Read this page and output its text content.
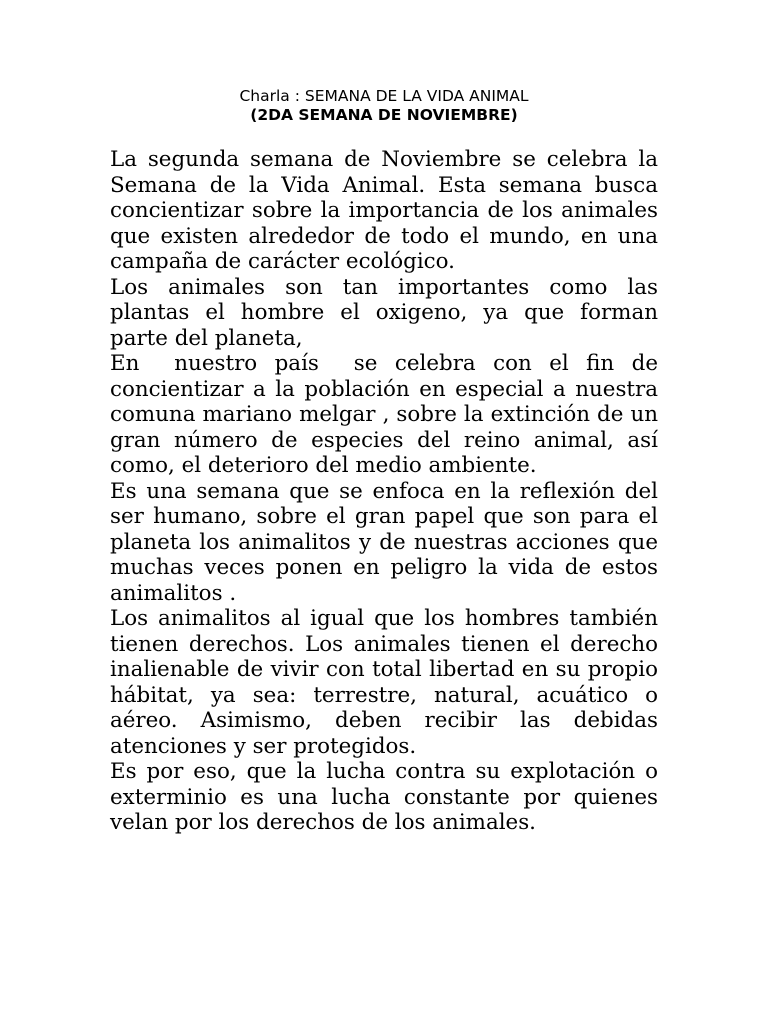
Charla : SEMANA DE LA VIDA ANIMAL
(2DA SEMANA DE NOVIEMBRE)

La segunda semana de Noviembre se celebra la Semana de la Vida Animal. Esta semana busca concientizar sobre la importancia de los animales que existen alrededor de todo el mundo, en una campaña de carácter ecológico.

Los animales son tan importantes como las plantas el hombre el oxigeno, ya que forman parte del planeta,

En  nuestro país  se celebra con el fin de concientizar a la población en especial a nuestra comuna mariano melgar , sobre la extinción de un gran número de especies del reino animal, así como, el deterioro del medio ambiente.

Es una semana que se enfoca en la reflexión del ser humano, sobre el gran papel que son para el planeta los animalitos y de nuestras acciones que muchas veces ponen en peligro la vida de estos animalitos .

Los animalitos al igual que los hombres también tienen derechos. Los animales tienen el derecho inalienable de vivir con total libertad en su propio hábitat, ya sea: terrestre, natural, acuático o aéreo. Asimismo, deben recibir las debidas atenciones y ser protegidos.

Es por eso, que la lucha contra su explotación o exterminio es una lucha constante por quienes velan por los derechos de los animales.
